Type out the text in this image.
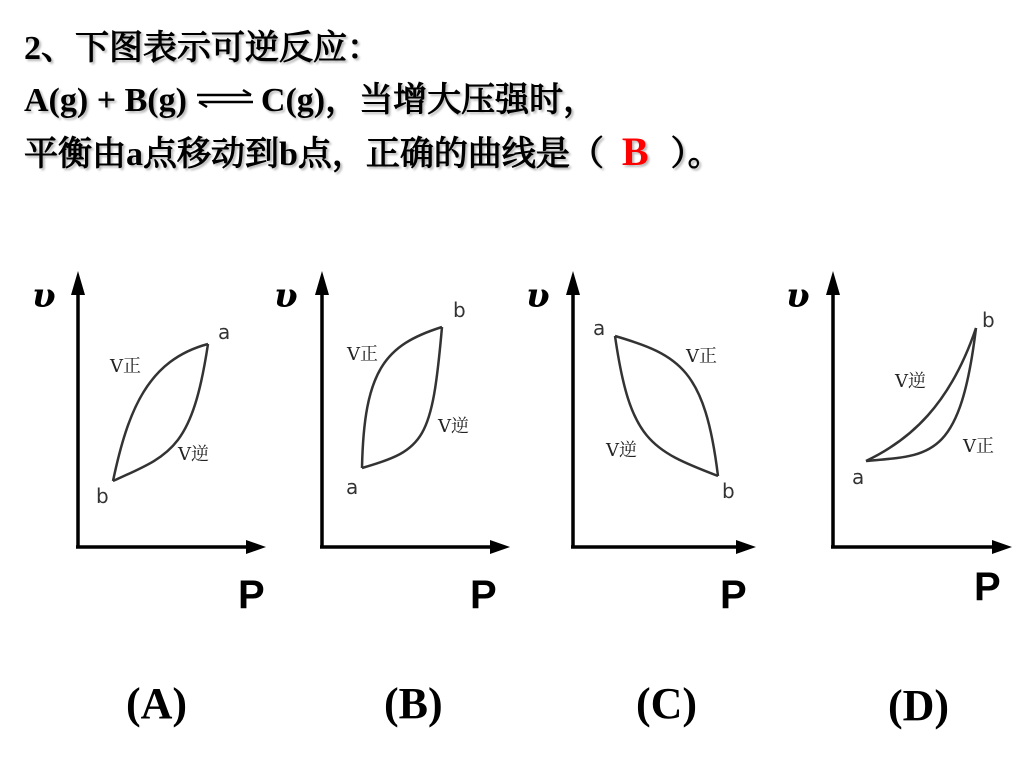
2、下图表示可逆反应：
A(g) + B(g) ⇌ C(g)，当增大压强时，
平衡由a点移动到b点，正确的曲线是（ B ）。
υ
P
a
b
V正
V逆
(A)
υ
P
b
a
V正
V逆
(B)
υ
P
a
b
V正
V逆
(C)
υ
P
b
a
V逆
V正
(D)
